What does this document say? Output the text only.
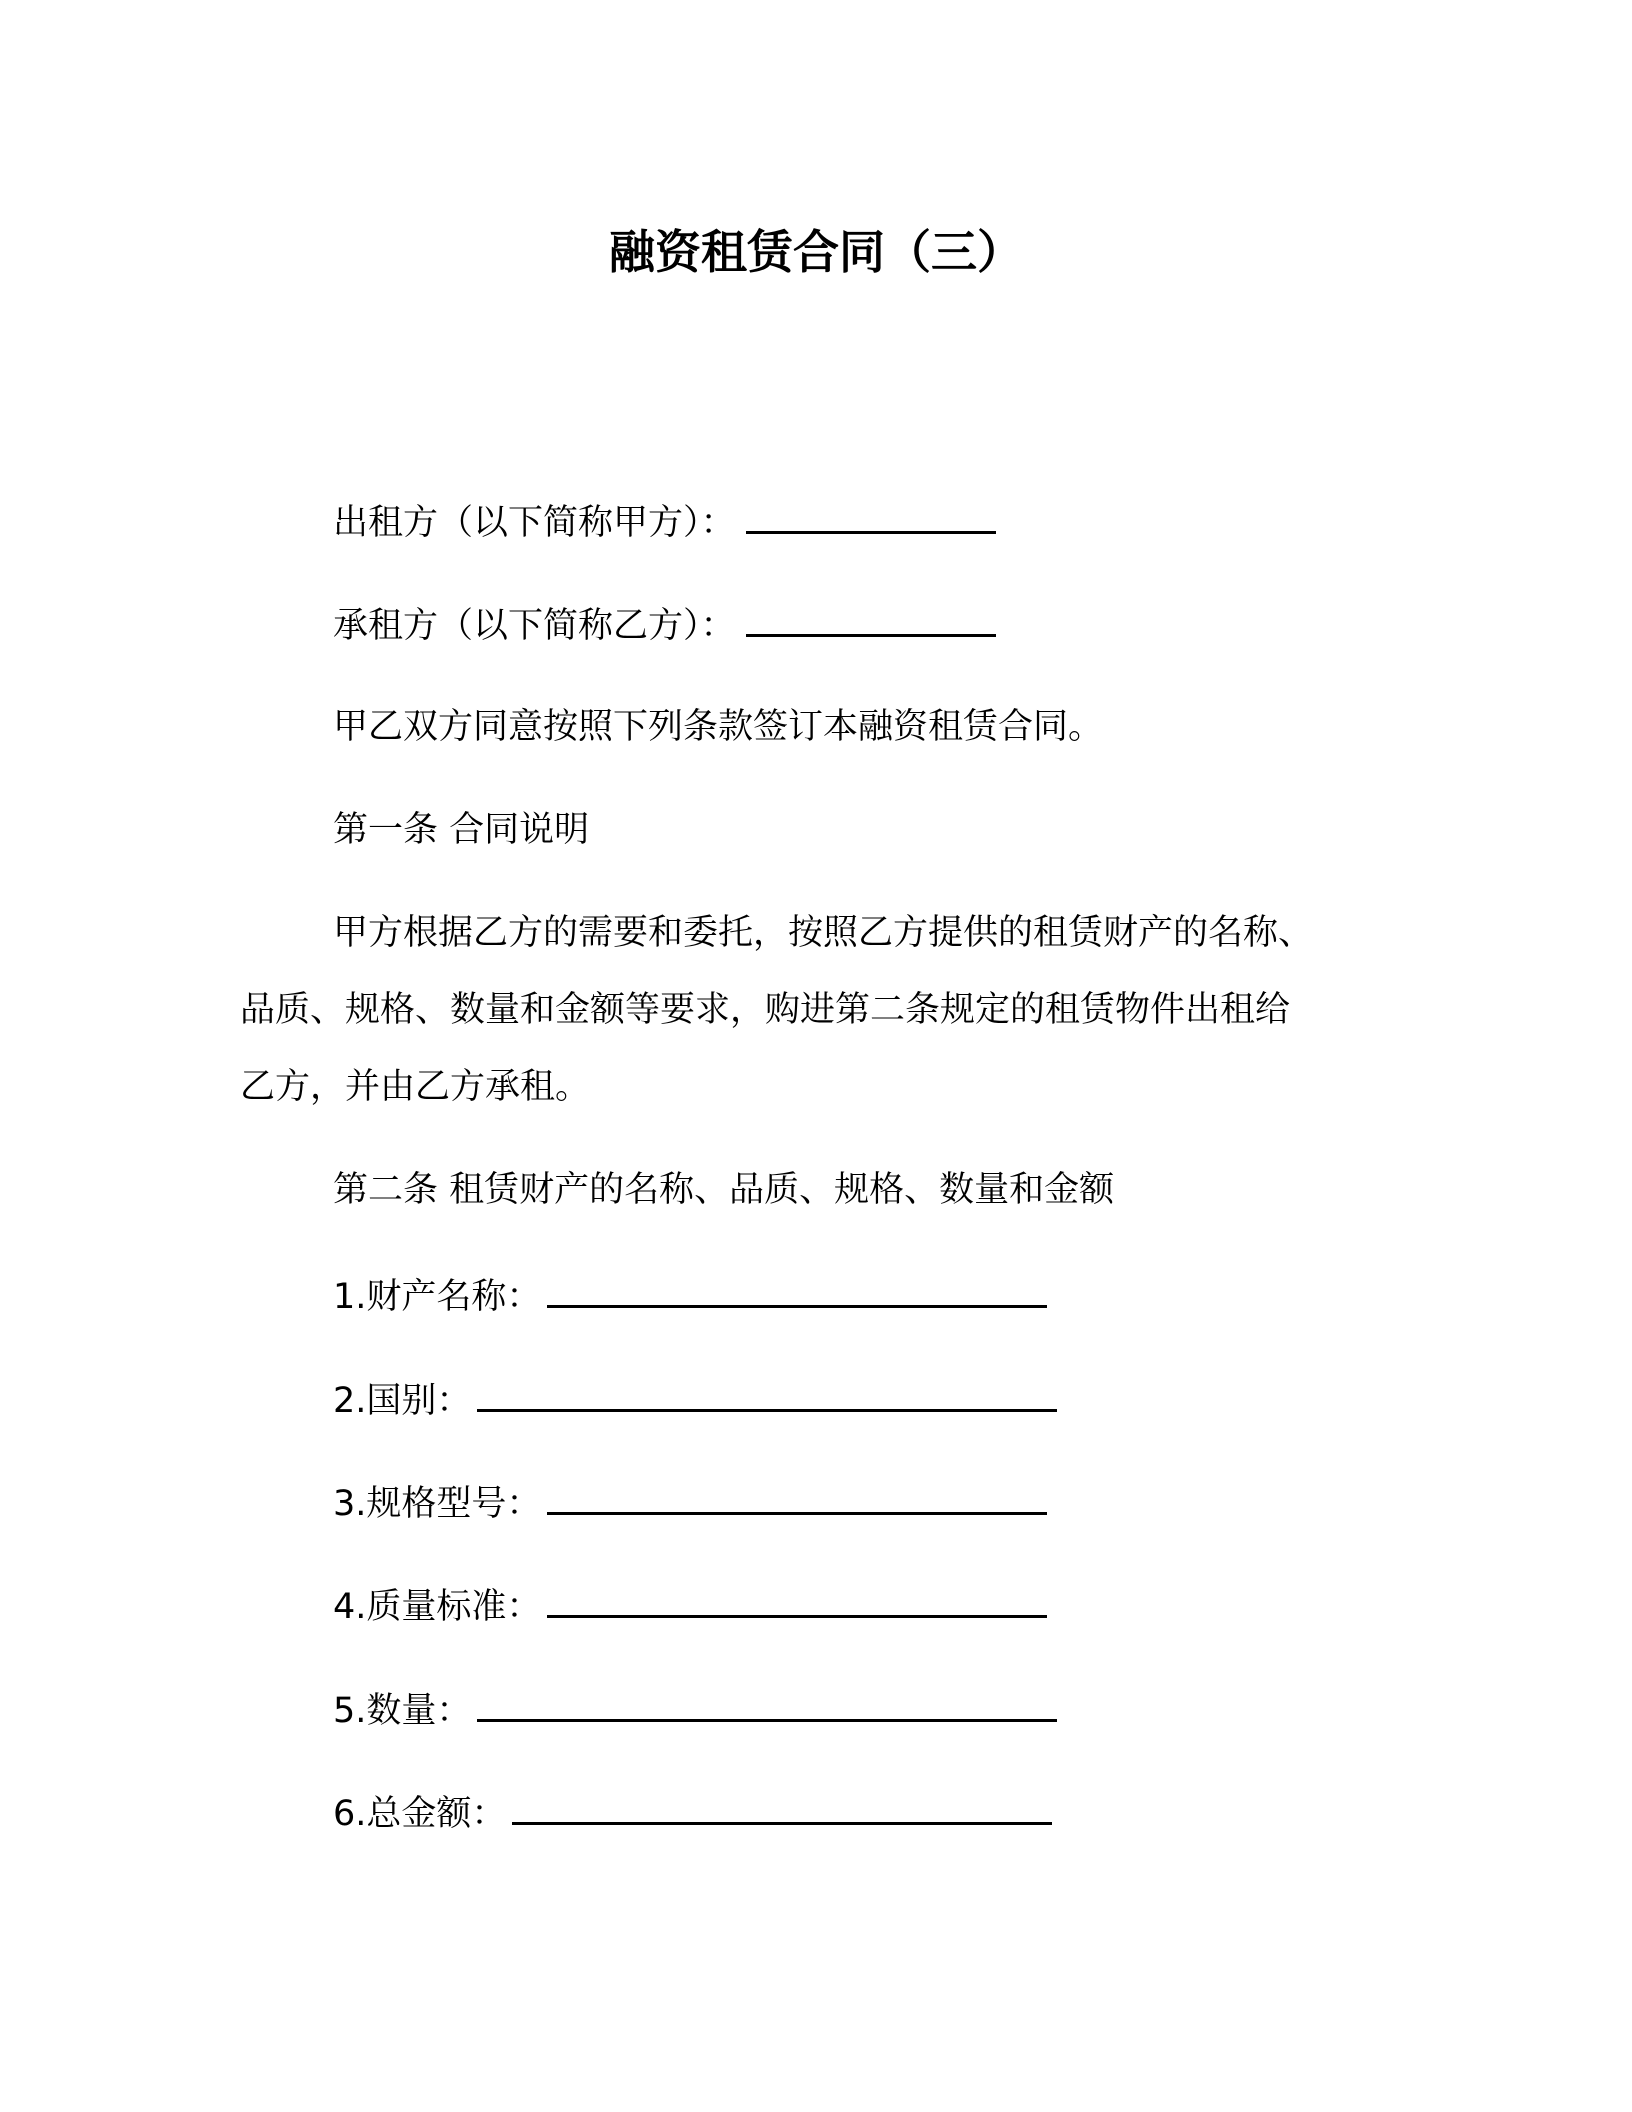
融资租赁合同（三）
出租方（以下简称甲方）：
承租方（以下简称乙方）：
甲乙双方同意按照下列条款签订本融资租赁合同。
第一条 合同说明
甲方根据乙方的需要和委托，按照乙方提供的租赁财产的名称、
品质、规格、数量和金额等要求，购进第二条规定的租赁物件出租给
乙方，并由乙方承租。
第二条 租赁财产的名称、品质、规格、数量和金额
1.财产名称：
2.国别：
3.规格型号：
4.质量标准：
5.数量：
6.总金额：
